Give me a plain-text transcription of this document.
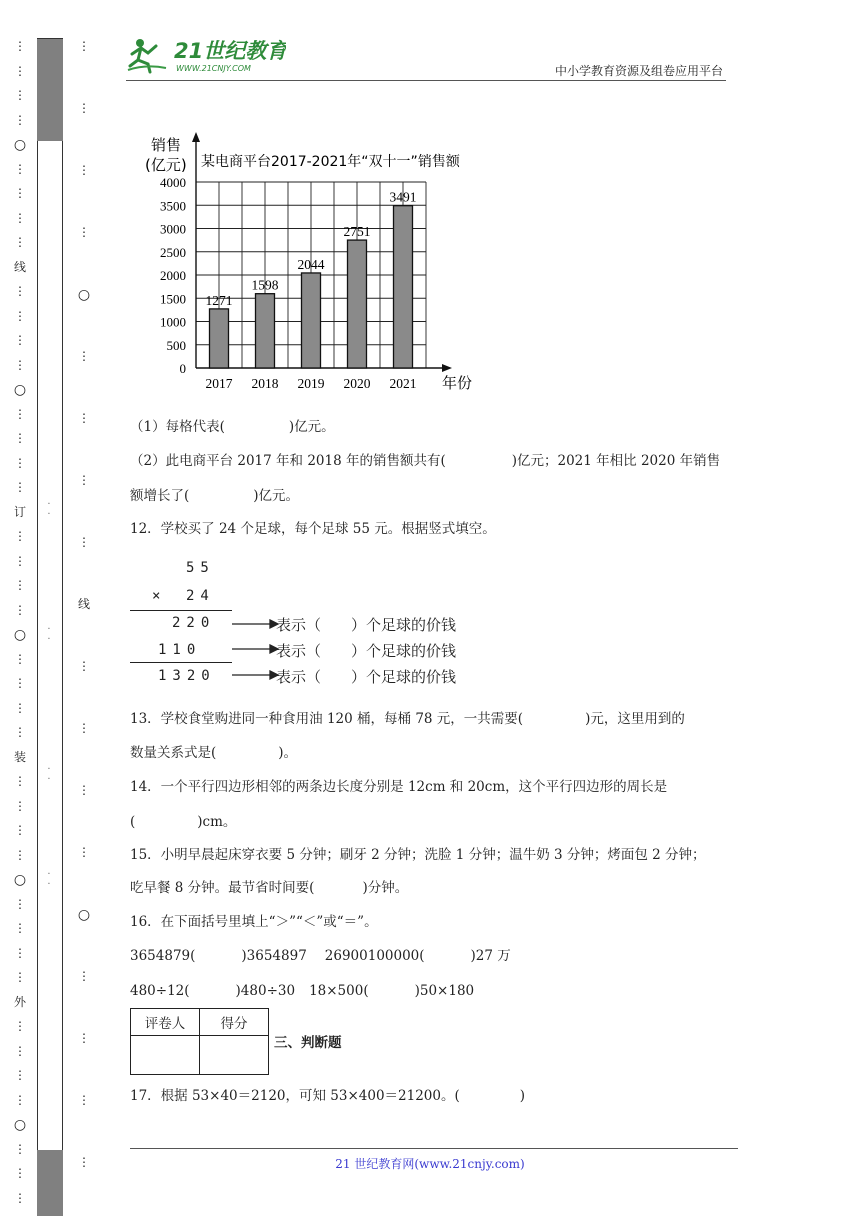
⋮
⋮
⋮
⋮
○
⋮
⋮
⋮
⋮
线
⋮
⋮
⋮
⋮
○
⋮
⋮
⋮
⋮
订
⋮
⋮
⋮
⋮
○
⋮
⋮
⋮
⋮
装
⋮
⋮
⋮
⋮
○
⋮
⋮
⋮
⋮
外
⋮
⋮
⋮
⋮
○
⋮
⋮
⋮
⋮
⋮
⋮
⋮
○
⋮
⋮
⋮
⋮
线
⋮
⋮
⋮
⋮
○
⋮
⋮
⋮
⋮
·
·
·
·
·
·
·
·
21世纪教育
WWW.21CNJY.COM	中小学教育资源及组卷应用平台
4000
3500
3000
2500
2000
1500
1000
500
0
销售
(亿元) 某电商平台2017-2021年“双十一”销售额
年份
1271
2017
1598
2018
2044
2019
2751
2020
3491
2021
（1）每格代表(	)亿元。
（2）此电商平台 2017 年和 2018 年的销售额共有(	)亿元；2021 年相比 2020 年销售
额增长了(	)亿元。
12．学校买了 24 个足球，每个足球 55 元。根据竖式填空。
55
× 24
220
110
1320
表示（　　）个足球的价钱
表示（　　）个足球的价钱
表示（　　）个足球的价钱
13．学校食堂购进同一种食用油 120 桶，每桶 78 元，一共需要(	)元，这里用到的
数量关系式是(	)。
14．一个平行四边形相邻的两条边长度分别是 12cm 和 20cm，这个平行四边形的周长是
(	)cm。
15．小明早晨起床穿衣要 5 分钟；刷牙 2 分钟；洗脸 1 分钟；温牛奶 3 分钟；烤面包 2 分钟；
吃早餐 8 分钟。最节省时间要(	)分钟。
16．在下面括号里填上“＞”“＜”或“＝”。
3654879(	)3654897 26900100000(	)27 万
480÷12(	)480÷30 18×500(	)50×180
评卷人	得分

三、判断题
17．根据 53×40＝2120，可知 53×400＝21200。(	)
21 世纪教育网(www.21cnjy.com)
